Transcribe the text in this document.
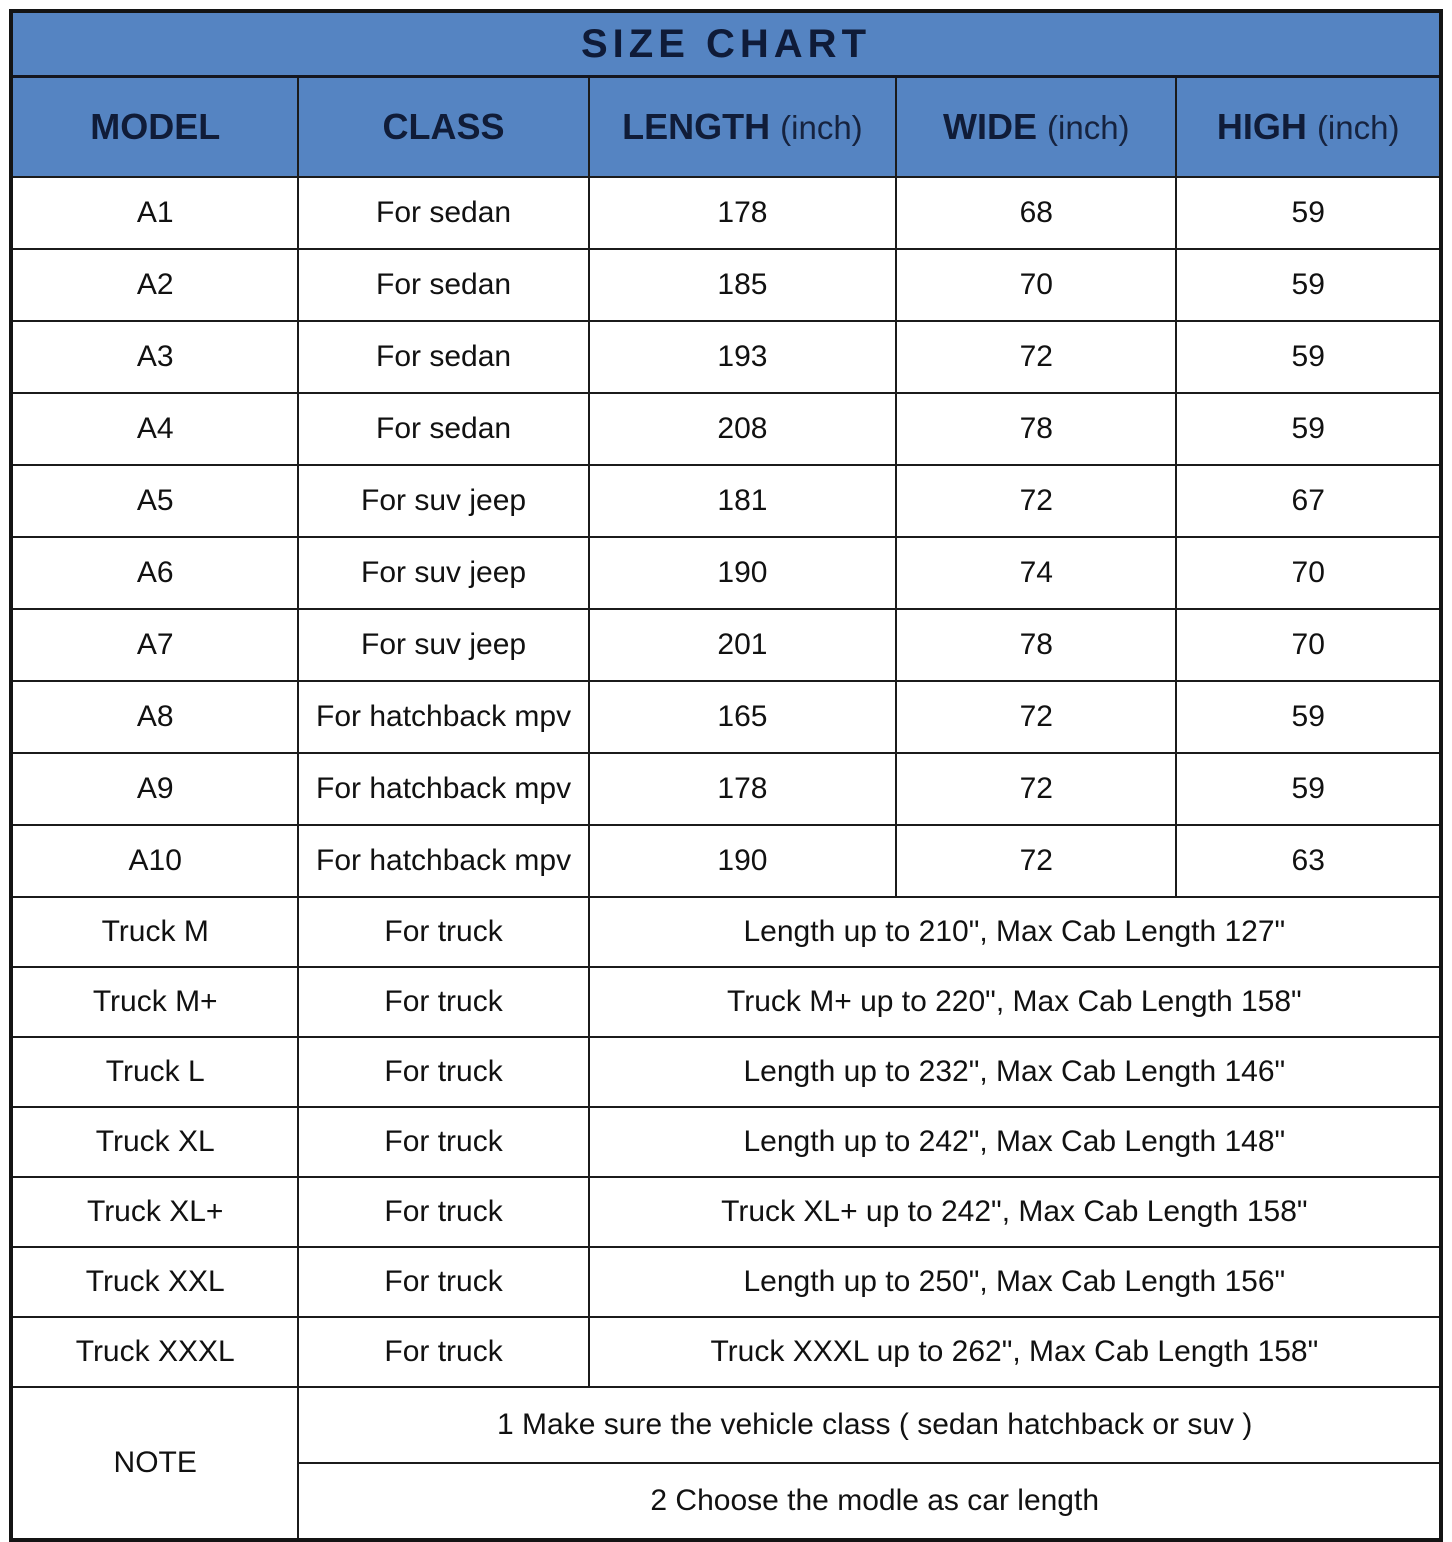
SIZE CHART				
MODEL	CLASS	LENGTH (inch)	WIDE (inch)	HIGH (inch)
A1	For sedan	178	68	59
A2	For sedan	185	70	59
A3	For sedan	193	72	59
A4	For sedan	208	78	59
A5	For suv jeep	181	72	67
A6	For suv jeep	190	74	70
A7	For suv jeep	201	78	70
A8	For hatchback mpv	165	72	59
A9	For hatchback mpv	178	72	59
A10	For hatchback mpv	190	72	63
Truck M	For truck	Length up to 210", Max Cab Length 127"		
Truck M+	For truck	Truck M+ up to 220", Max Cab Length 158"		
Truck L	For truck	Length up to 232", Max Cab Length 146"		
Truck XL	For truck	Length up to 242", Max Cab Length 148"		
Truck XL+	For truck	Truck XL+ up to 242", Max Cab Length 158"		
Truck XXL	For truck	Length up to 250", Max Cab Length 156"		
Truck XXXL	For truck	Truck XXXL up to 262", Max Cab Length 158"		
NOTE	1 Make sure the vehicle class ( sedan hatchback or suv )			
	2 Choose the modle as car length			
